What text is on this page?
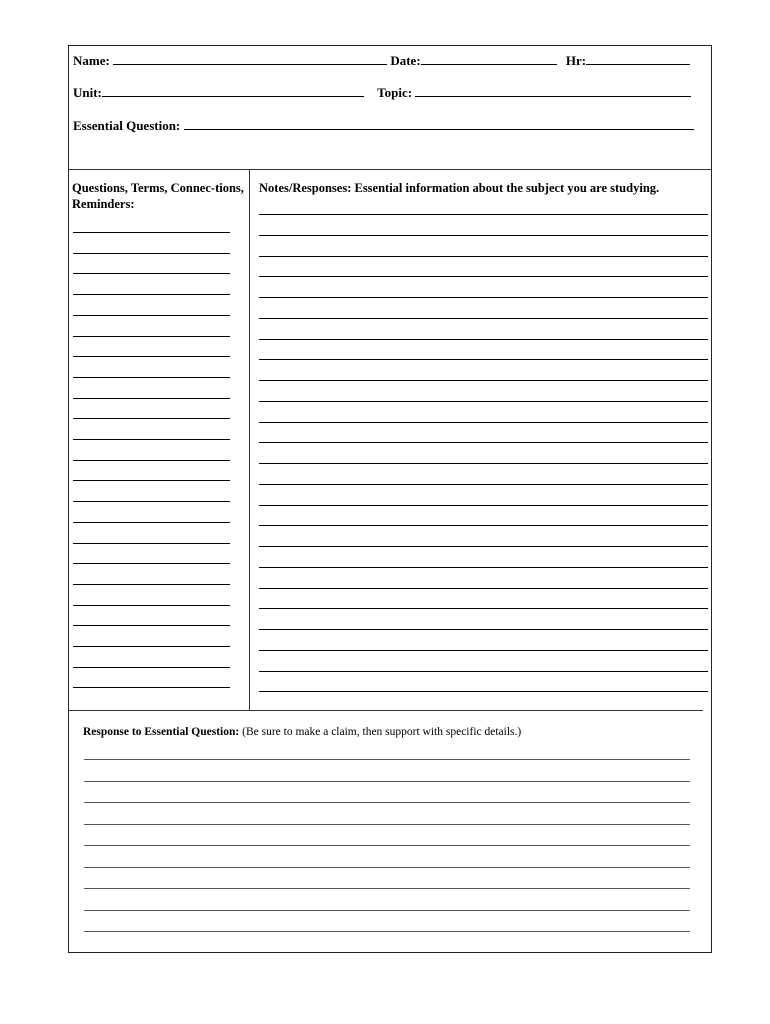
Name:	Date:	Hr:
Unit:	Topic:
Essential Question:
Questions, Terms, Connec-tions, Reminders:
Notes/Responses: Essential information about the subject you are studying.
Response to Essential Question: (Be sure to make a claim, then support with specific details.)
